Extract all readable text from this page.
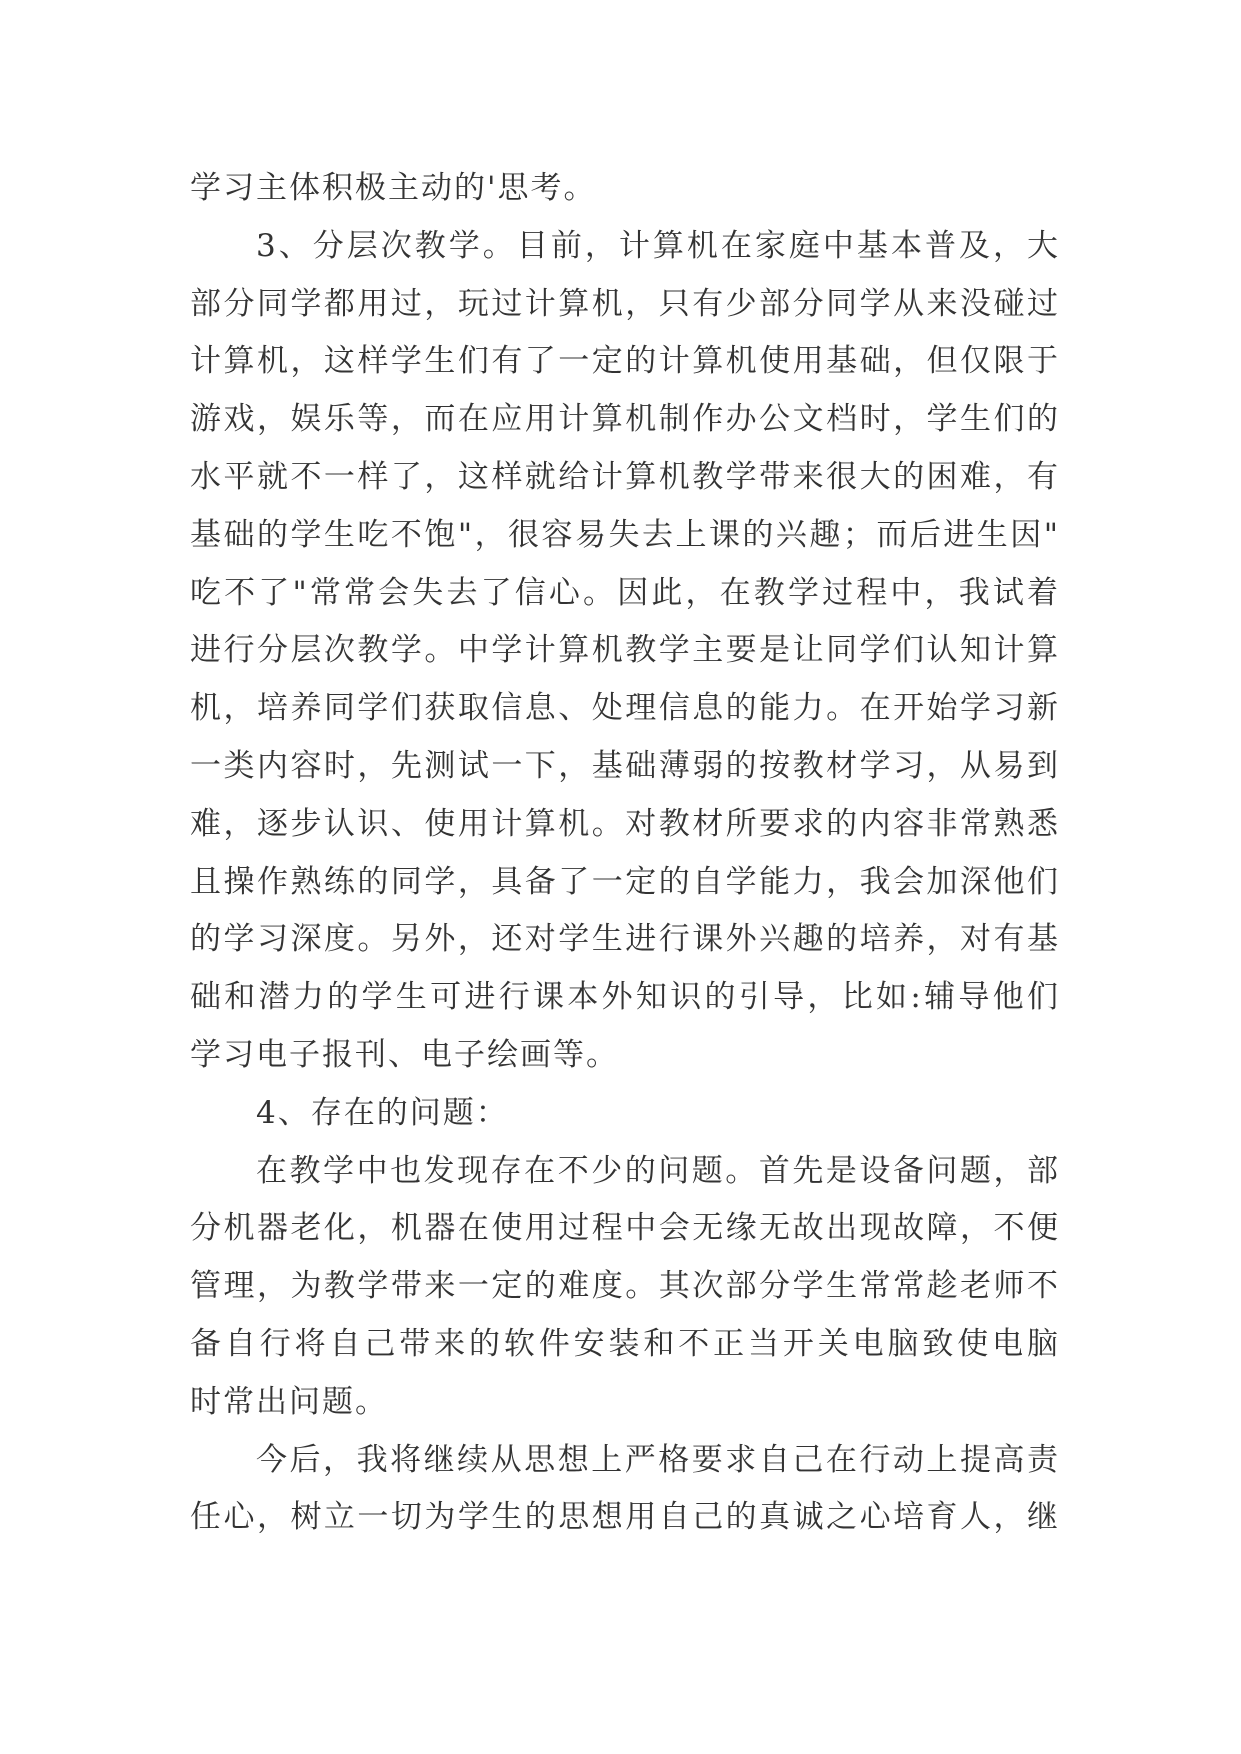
学习主体积极主动的'思考。
3、分层次教学。目前，计算机在家庭中基本普及，大
部分同学都用过，玩过计算机，只有少部分同学从来没碰过
计算机，这样学生们有了一定的计算机使用基础，但仅限于
游戏，娱乐等，而在应用计算机制作办公文档时，学生们的
水平就不一样了，这样就给计算机教学带来很大的困难，有
基础的学生吃不饱"，很容易失去上课的兴趣；而后进生因"
吃不了"常常会失去了信心。因此，在教学过程中，我试着
进行分层次教学。中学计算机教学主要是让同学们认知计算
机，培养同学们获取信息、处理信息的能力。在开始学习新
一类内容时，先测试一下，基础薄弱的按教材学习，从易到
难，逐步认识、使用计算机。对教材所要求的内容非常熟悉
且操作熟练的同学，具备了一定的自学能力，我会加深他们
的学习深度。另外，还对学生进行课外兴趣的培养，对有基
础和潜力的学生可进行课本外知识的引导，比如:辅导他们
学习电子报刊、电子绘画等。
4、存在的问题：
在教学中也发现存在不少的问题。首先是设备问题，部
分机器老化，机器在使用过程中会无缘无故出现故障，不便
管理，为教学带来一定的难度。其次部分学生常常趁老师不
备自行将自己带来的软件安装和不正当开关电脑致使电脑
时常出问题。
今后，我将继续从思想上严格要求自己在行动上提高责
任心，树立一切为学生的思想用自己的真诚之心培育人，继
